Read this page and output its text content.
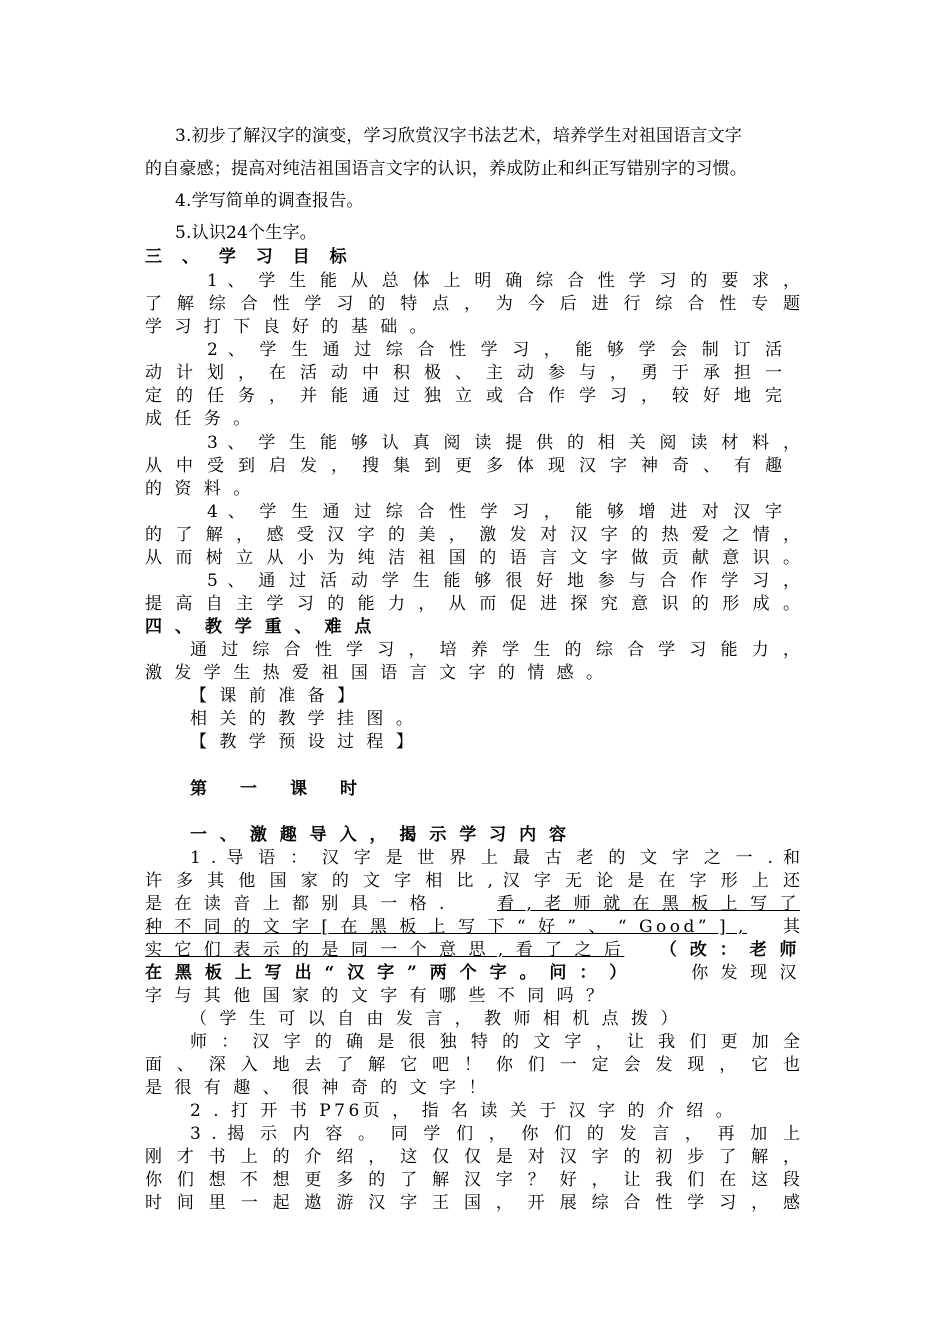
3.初步了解汉字的演变，学习欣赏汉字书法艺术，培养学生对祖国语言文字
的自豪感；提高对纯洁祖国语言文字的认识，养成防止和纠正写错别字的习惯。
4.学写简单的调查报告。
5.认识24个生字。
三 、 学 习 目 标
1 、 学 生 能 从 总 体 上 明 确 综 合 性 学 习 的 要 求 ，
了 解 综 合 性 学 习 的 特 点 ， 为 今 后 进 行 综 合 性 专 题
学 习 打 下 良 好 的 基 础 。
2 、 学 生 通 过 综 合 性 学 习 ， 能 够 学 会 制 订 活
动 计 划 ， 在 活 动 中 积 极 、 主 动 参 与 ， 勇 于 承 担 一
定 的 任 务 ， 并 能 通 过 独 立 或 合 作 学 习 ， 较 好 地 完
成 任 务 。
3 、 学 生 能 够 认 真 阅 读 提 供 的 相 关 阅 读 材 料 ，
从 中 受 到 启 发 ， 搜 集 到 更 多 体 现 汉 字 神 奇 、 有 趣
的 资 料 。
4 、 学 生 通 过 综 合 性 学 习 ， 能 够 增 进 对 汉 字
的 了 解 ， 感 受 汉 字 的 美 ， 激 发 对 汉 字 的 热 爱 之 情 ，
从 而 树 立 从 小 为 纯 洁 祖 国 的 语 言 文 字 做 贡 献 意 识 。
5 、 通 过 活 动 学 生 能 够 很 好 地 参 与 合 作 学 习 ，
提 高 自 主 学 习 的 能 力 ， 从 而 促 进 探 究 意 识 的 形 成 。
四 、 教 学 重 、 难 点
通 过 综 合 性 学 习 ， 培 养 学 生 的 综 合 学 习 能 力 ，
激 发 学 生 热 爱 祖 国 语 言 文 字 的 情 感 。
【 课 前 准 备 】
相 关 的 教 学 挂 图 。
【 教 学 预 设 过 程 】
第　一　课　时
一 、 激 趣 导 入 ， 揭 示 学 习 内 容
1 . 导 语 ： 汉 字 是 世 界 上 最 古 老 的 文 字 之 一 . 和
许 多 其 他 国 家 的 文 字 相 比 , 汉 字 无 论 是 在 字 形 上 还
是 在 读 音 上 都 别 具 一 格 .	看 , 老 师 就 在 黑 板 上 写 了
种 不 同 的 文 字 [ 在 黑 板 上 写 下 “ 好 ” 、 “ Good” ] , 其
实 它 们 表 示 的 是 同 一 个 意 思 , 看 了 之 后 （ 改 ： 老 师
在 黑 板 上 写 出 “ 汉 字 ” 两 个 字 。 问 ： ）	你 发 现 汉
字 与 其 他 国 家 的 文 字 有 哪 些 不 同 吗 ？
（ 学 生 可 以 自 由 发 言 ， 教 师 相 机 点 拨 ）
师 ： 汉 字 的 确 是 很 独 特 的 文 字 ， 让 我 们 更 加 全
面 、 深 入 地 去 了 解 它 吧 ！ 你 们 一 定 会 发 现 ， 它 也
是 很 有 趣 、 很 神 奇 的 文 字 ！
2 . 打 开 书 P76页 ， 指 名 读 关 于 汉 字 的 介 绍 。
3 . 揭 示 内 容 。 同 学 们 ， 你 们 的 发 言 ， 再 加 上
刚 才 书 上 的 介 绍 ， 这 仅 仅 是 对 汉 字 的 初 步 了 解 ，
你 们 想 不 想 更 多 的 了 解 汉 字 ？ 好 ， 让 我 们 在 这 段
时 间 里 一 起 遨 游 汉 字 王 国 ， 开 展 综 合 性 学 习 ， 感
